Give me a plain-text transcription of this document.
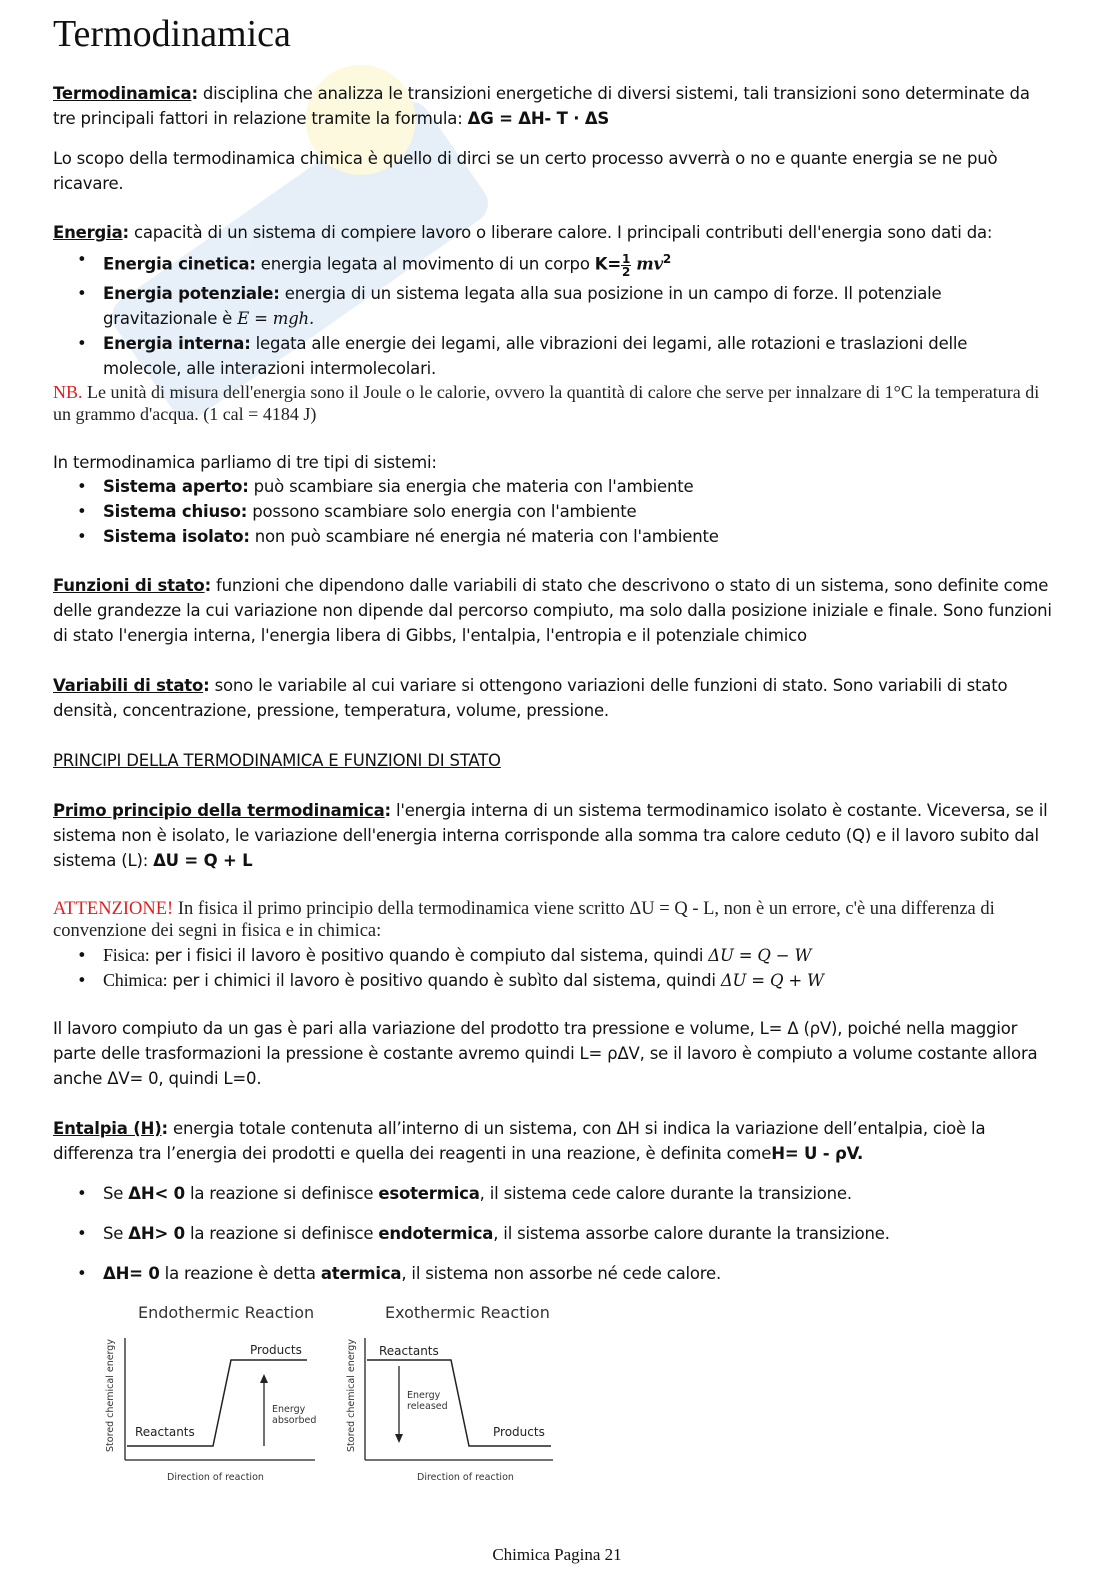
Termodinamica

Termodinamica: disciplina che analizza le transizioni energetiche di diversi sistemi, tali transizioni sono determinate da tre principali fattori in relazione tramite la formula: ΔG = ΔH- T · ΔS

Lo scopo della termodinamica chimica è quello di dirci se un certo processo avverrà o no e quante energia se ne può ricavare.

Energia: capacità di un sistema di compiere lavoro o liberare calore. I principali contributi dell'energia sono dati da:

• Energia cinetica: energia legata al movimento di un corpo $K= \frac{1}{2} mv^2$
• Energia potenziale: energia di un sistema legata alla sua posizione in un campo di forze. Il potenziale gravitazionale è E = mgh.
• Energia interna: legata alle energie dei legami, alle vibrazioni dei legami, alle rotazioni e traslazioni delle molecole, alle interazioni intermolecolari.

NB. Le unità di misura dell'energia sono il Joule o le calorie, ovvero la quantità di calore che serve per innalzare di 1°C la temperatura di un grammo d'acqua. (1 cal = 4184 J)

In termodinamica parliamo di tre tipi di sistemi:

• Sistema aperto: può scambiare sia energia che materia con l'ambiente
• Sistema chiuso: possono scambiare solo energia con l'ambiente
• Sistema isolato: non può scambiare né energia né materia con l'ambiente

Funzioni di stato: funzioni che dipendono dalle variabili di stato che descrivono o stato di un sistema, sono definite come delle grandezze la cui variazione non dipende dal percorso compiuto, ma solo dalla posizione iniziale e finale. Sono funzioni di stato l'energia interna, l'energia libera di Gibbs, l'entalpia, l'entropia e il potenziale chimico

Variabili di stato: sono le variabile al cui variare si ottengono variazioni delle funzioni di stato. Sono variabili di stato densità, concentrazione, pressione, temperatura, volume, pressione.

PRINCIPI DELLA TERMODINAMICA E FUNZIONI DI STATO

Primo principio della termodinamica: l'energia interna di un sistema termodinamico isolato è costante. Viceversa, se il sistema non è isolato, le variazione dell'energia interna corrisponde alla somma tra calore ceduto (Q) e il lavoro subito dal sistema (L): ΔU = Q + L

ATTENZIONE! In fisica il primo principio della termodinamica viene scritto ΔU = Q - L, non è un errore, c'è una differenza di convenzione dei segni in fisica e in chimica:

• Fisica: per i fisici il lavoro è positivo quando è compiuto dal sistema, quindi ΔU = Q − W
• Chimica: per i chimici il lavoro è positivo quando è subìto dal sistema, quindi ΔU = Q + W

Il lavoro compiuto da un gas è pari alla variazione del prodotto tra pressione e volume, L= Δ (ρV), poiché nella maggior parte delle trasformazioni la pressione è costante avremo quindi L= ρΔV, se il lavoro è compiuto a volume costante allora anche ΔV= 0, quindi L=0.

Entalpia (H): energia totale contenuta all’interno di un sistema, con ΔH si indica la variazione dell’entalpia, cioè la differenza tra l’energia dei prodotti e quella dei reagenti in una reazione, è definita comeH= U - ρV.

• Se ΔH< 0 la reazione si definisce esotermica, il sistema cede calore durante la transizione.
• Se ΔH> 0 la reazione si definisce endotermica, il sistema assorbe calore durante la transizione.
• ΔH= 0 la reazione è detta atermica, il sistema non assorbe né cede calore.
Endothermic Reaction
Stored chemical energy
Direction of reaction
Reactants
Products
Energy
absorbed
Exothermic Reaction
Stored chemical energy
Direction of reaction
Reactants
Products
Energy
released
Chimica Pagina 21
